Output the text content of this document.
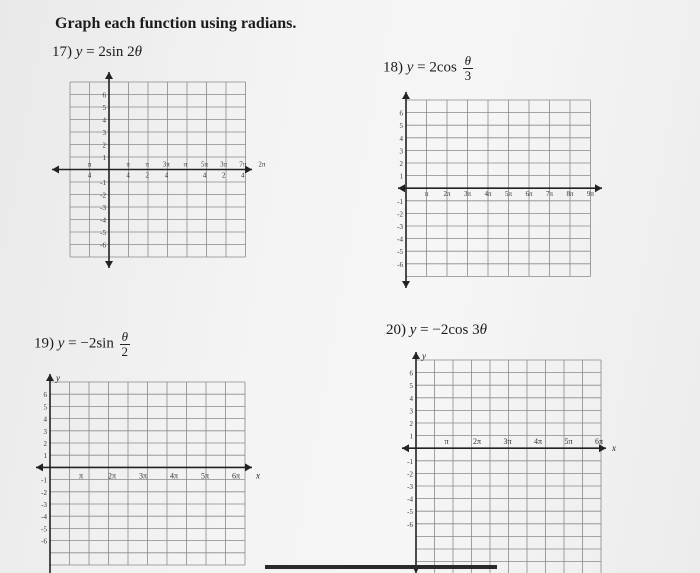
Graph each function using radians.
17) y = 2sin 2θ
18) $y = 2\cos \frac{\theta}{3}$
19) $y = -2\sin \frac{\theta}{2}$	20) y = −2cos 3θ
6
5
4
3
2
1
-1
-2
-3
-4
-5
-6
π
4
π
2
3π
4
π 5π
4
3π
2
7π
4
2π
π
4
6
5
4
3
2
1
-1
-2
-3
-4
-5
-6
π 2π 3π 4π 5π 6π 7π 8π 9π
6
5
4
3
2
1
-1
-2
-3
-4
-5
-6
y
π	2π	3π	4π	5π	6π x
6
5
4
3
2
1
-1
-2
-3
-4
-5
-6
y
π	2π	3π	4π	5π	6π
x
